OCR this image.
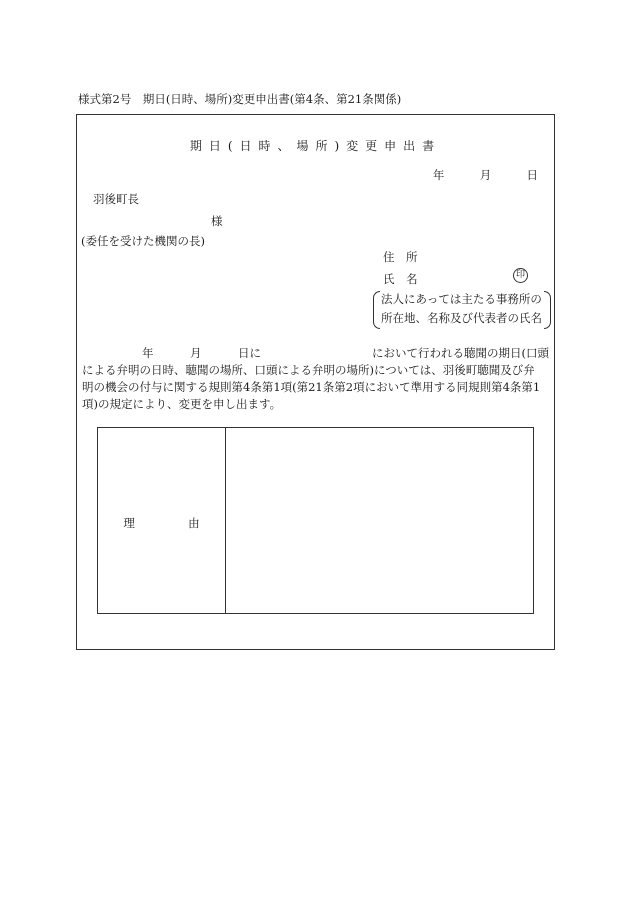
様式第2号　期日(日時、場所)変更申出書(第4条、第21条関係)
期日(日時、場所)変更申出書
年	月	日
羽後町長
様
(委任を受けた機関の長)
住　所
氏　名	印
法人にあっては主たる事務所の
所在地、名称及び代表者の氏名
年	月	日に	において行われる聴聞の期日(口頭
による弁明の日時、聴聞の場所、口頭による弁明の場所)については、羽後町聴聞及び弁
明の機会の付与に関する規則第4条第1項(第21条第2項において準用する同規則第4条第1
項)の規定により、変更を申し出ます。
理	由
